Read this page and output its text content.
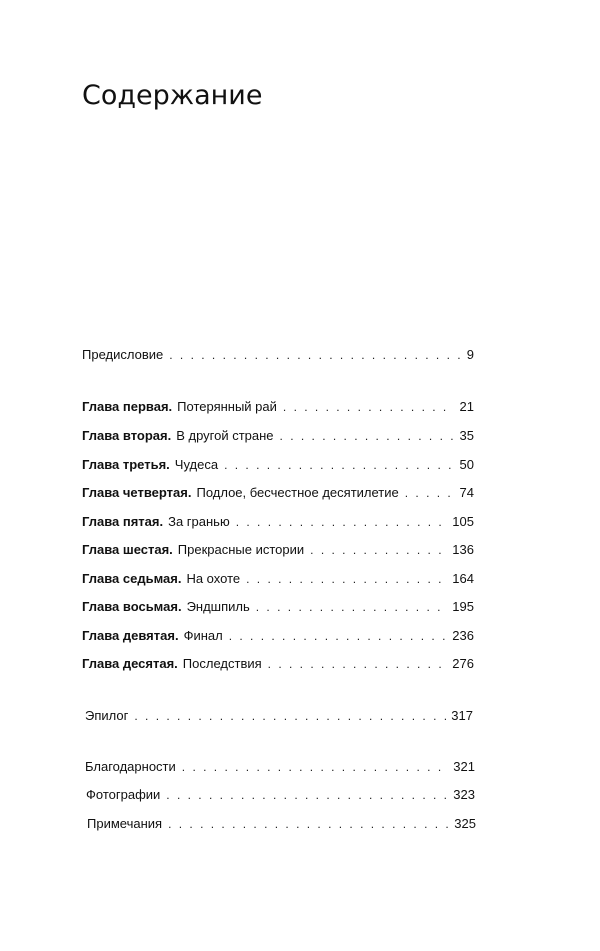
Содержание
Предисловие . . .	9
Глава первая. Потерянный рай . . .	21
Глава вторая. В другой стране . . .	35
Глава третья. Чудеса . . .	50
Глава четвертая. Подлое, бесчестное десятилетие . . .	74
Глава пятая. За гранью . . .	105
Глава шестая. Прекрасные истории . . .	136
Глава седьмая. На охоте . . .	164
Глава восьмая. Эндшпиль . . .	195
Глава девятая. Финал . . .	236
Глава десятая. Последствия . . .	276
Эпилог . . .	317
Благодарности . . .	321
Фотографии . . .	323
Примечания . . .	325
